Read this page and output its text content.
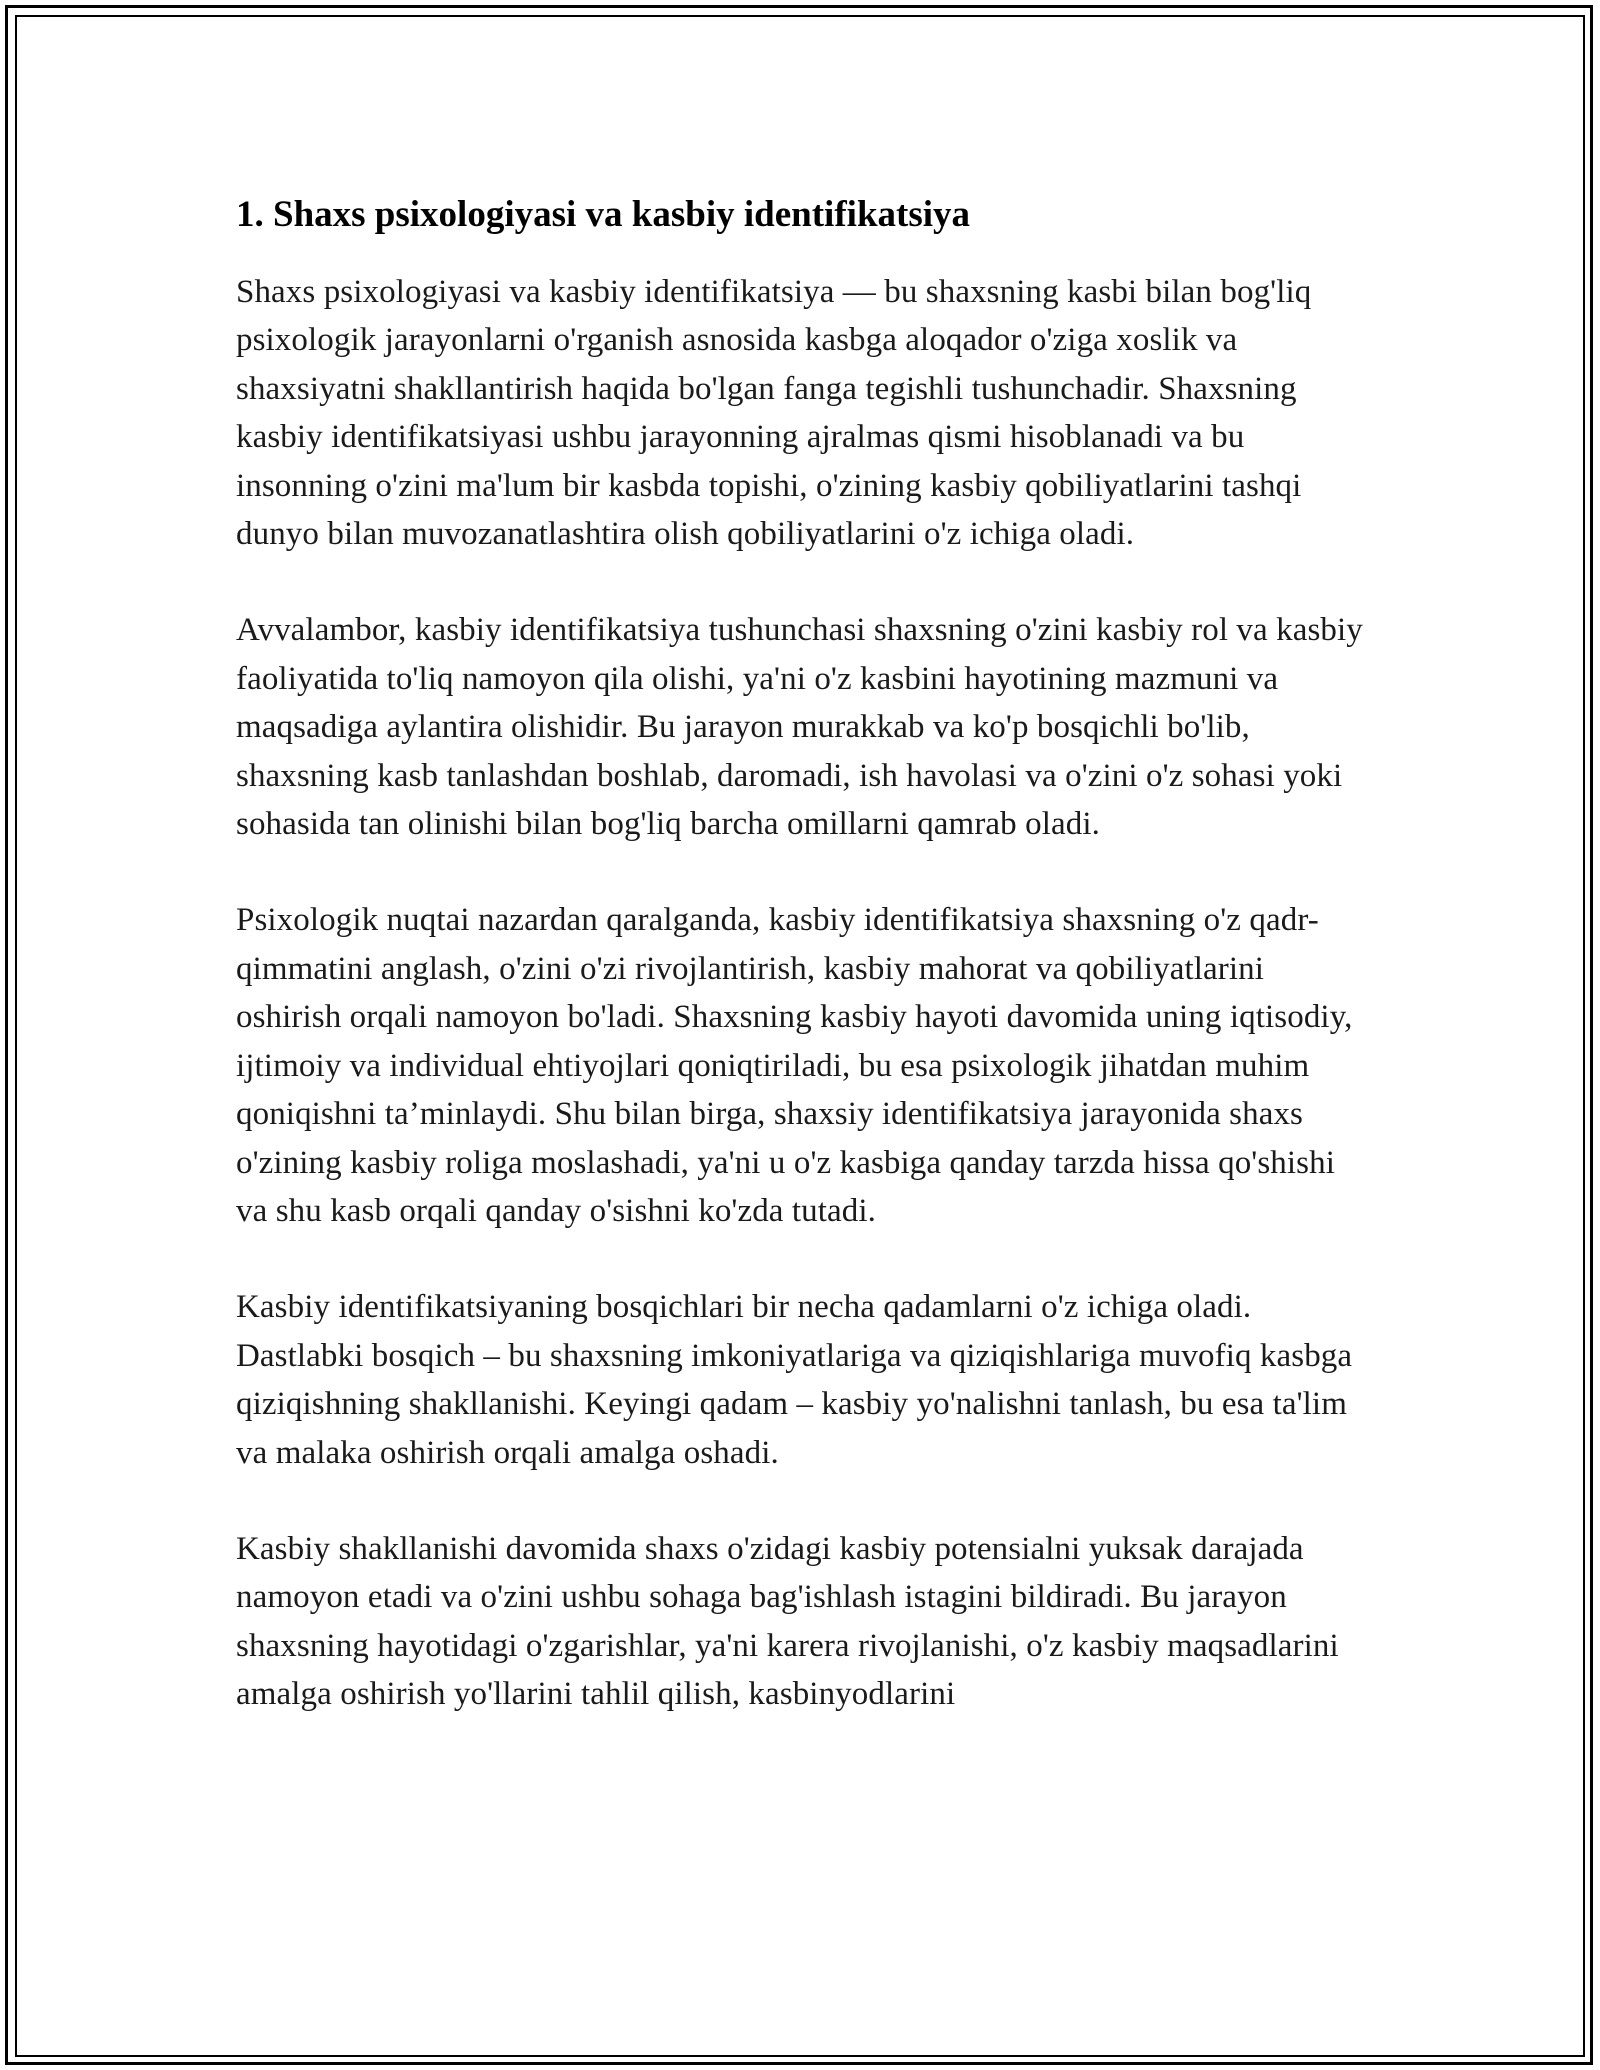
1. Shaxs psixologiyasi va kasbiy identifikatsiya

Shaxs psixologiyasi va kasbiy identifikatsiya — bu shaxsning kasbi bilan bog'liq psixologik jarayonlarni o'rganish asnosida kasbga aloqador o'ziga xoslik va shaxsiyatni shakllantirish haqida bo'lgan fanga tegishli tushunchadir. Shaxsning kasbiy identifikatsiyasi ushbu jarayonning ajralmas qismi hisoblanadi va bu insonning o'zini ma'lum bir kasbda topishi, o'zining kasbiy qobiliyatlarini tashqi dunyo bilan muvozanatlashtira olish qobiliyatlarini o'z ichiga oladi.

Avvalambor, kasbiy identifikatsiya tushunchasi shaxsning o'zini kasbiy rol va kasbiy faoliyatida to'liq namoyon qila olishi, ya'ni o'z kasbini hayotining mazmuni va maqsadiga aylantira olishidir. Bu jarayon murakkab va ko'p bosqichli bo'lib, shaxsning kasb tanlashdan boshlab, daromadi, ish havolasi va o'zini o'z sohasi yoki sohasida tan olinishi bilan bog'liq barcha omillarni qamrab oladi.

Psixologik nuqtai nazardan qaralganda, kasbiy identifikatsiya shaxsning o'z qadr-qimmatini anglash, o'zini o'zi rivojlantirish, kasbiy mahorat va qobiliyatlarini oshirish orqali namoyon bo'ladi. Shaxsning kasbiy hayoti davomida uning iqtisodiy, ijtimoiy va individual ehtiyojlari qoniqtiriladi, bu esa psixologik jihatdan muhim qoniqishni ta’minlaydi. Shu bilan birga, shaxsiy identifikatsiya jarayonida shaxs o'zining kasbiy roliga moslashadi, ya'ni u o'z kasbiga qanday tarzda hissa qo'shishi va shu kasb orqali qanday o'sishni ko'zda tutadi.

Kasbiy identifikatsiyaning bosqichlari bir necha qadamlarni o'z ichiga oladi. Dastlabki bosqich – bu shaxsning imkoniyatlariga va qiziqishlariga muvofiq kasbga qiziqishning shakllanishi. Keyingi qadam – kasbiy yo'nalishni tanlash, bu esa ta'lim va malaka oshirish orqali amalga oshadi.

Kasbiy shakllanishi davomida shaxs o'zidagi kasbiy potensialni yuksak darajada namoyon etadi va o'zini ushbu sohaga bag'ishlash istagini bildiradi. Bu jarayon shaxsning hayotidagi o'zgarishlar, ya'ni karera rivojlanishi, o'z kasbiy maqsadlarini amalga oshirish yo'llarini tahlil qilish, kasbinyodlarini
